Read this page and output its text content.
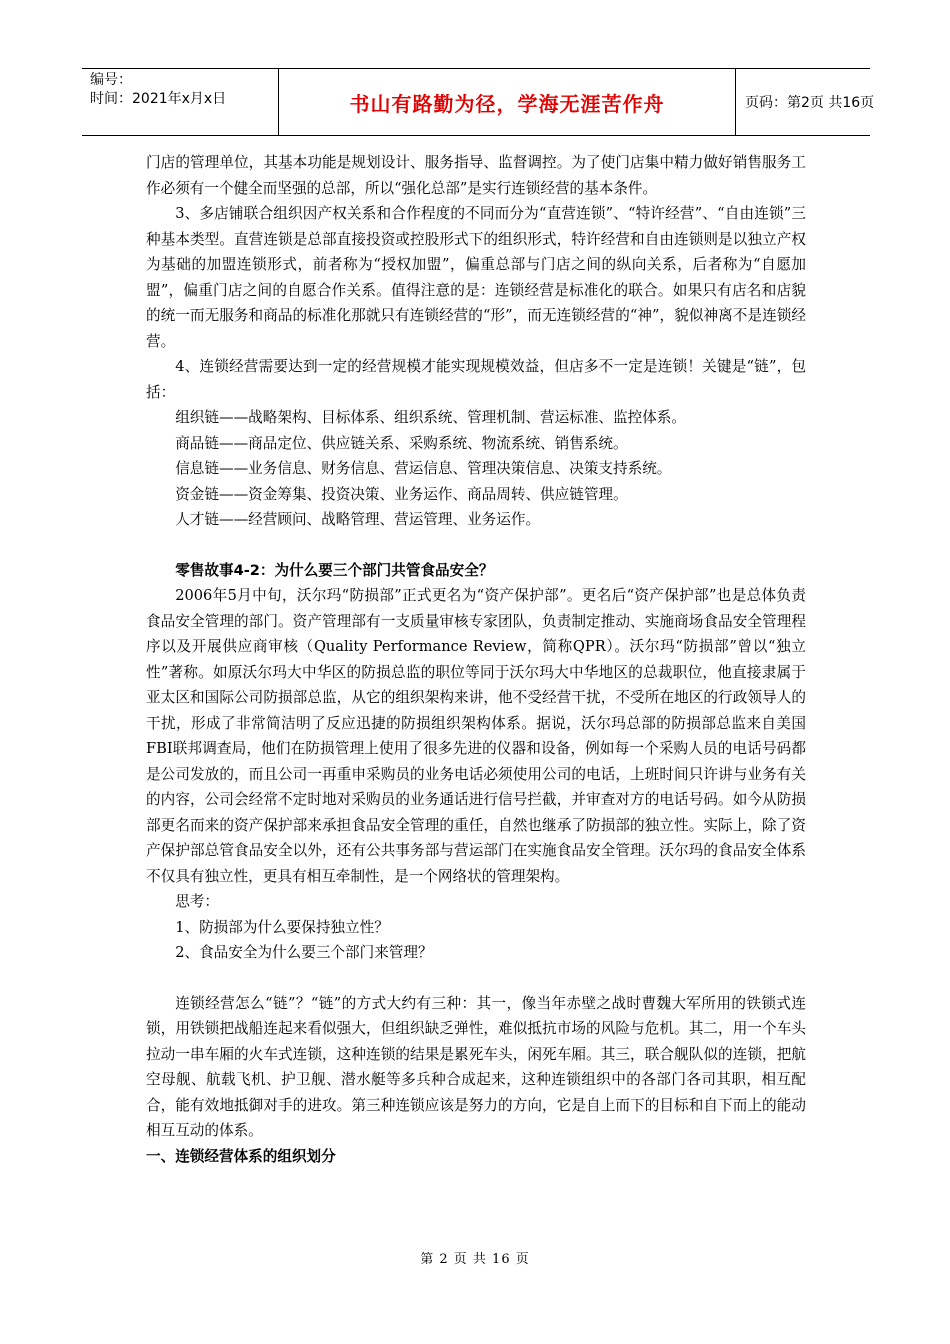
编号：
时间：2021年x月x日	书山有路勤为径，学海无涯苦作舟	页码：第2页 共16页

门店的管理单位，其基本功能是规划设计、服务指导、监督调控。为了使门店集中精力做好销售服务工作必须有一个健全而坚强的总部，所以“强化总部”是实行连锁经营的基本条件。

3、多店铺联合组织因产权关系和合作程度的不同而分为“直营连锁”、“特许经营”、“自由连锁”三种基本类型。直营连锁是总部直接投资或控股形式下的组织形式，特许经营和自由连锁则是以独立产权为基础的加盟连锁形式，前者称为“授权加盟”，偏重总部与门店之间的纵向关系，后者称为“自愿加盟”，偏重门店之间的自愿合作关系。值得注意的是：连锁经营是标准化的联合。如果只有店名和店貌的统一而无服务和商品的标准化那就只有连锁经营的“形”，而无连锁经营的“神”，貌似神离不是连锁经营。

4、连锁经营需要达到一定的经营规模才能实现规模效益，但店多不一定是连锁！关键是“链”，包括：

组织链——战略架构、目标体系、组织系统、管理机制、营运标准、监控体系。

商品链——商品定位、供应链关系、采购系统、物流系统、销售系统。

信息链——业务信息、财务信息、营运信息、管理决策信息、决策支持系统。

资金链——资金筹集、投资决策、业务运作、商品周转、供应链管理。

人才链——经营顾问、战略管理、营运管理、业务运作。

零售故事4-2：为什么要三个部门共管食品安全？

2006年5月中旬，沃尔玛“防损部”正式更名为“资产保护部”。更名后“资产保护部”也是总体负责食品安全管理的部门。资产管理部有一支质量审核专家团队，负责制定推动、实施商场食品安全管理程序以及开展供应商审核（Quality Performance Review，简称QPR）。沃尔玛“防损部”曾以“独立性”著称。如原沃尔玛大中华区的防损总监的职位等同于沃尔玛大中华地区的总裁职位，他直接隶属于亚太区和国际公司防损部总监，从它的组织架构来讲，他不受经营干扰，不受所在地区的行政领导人的干扰，形成了非常简洁明了反应迅捷的防损组织架构体系。据说，沃尔玛总部的防损部总监来自美国FBI联邦调查局，他们在防损管理上使用了很多先进的仪器和设备，例如每一个采购人员的电话号码都是公司发放的，而且公司一再重申采购员的业务电话必须使用公司的电话，上班时间只许讲与业务有关的内容，公司会经常不定时地对采购员的业务通话进行信号拦截，并审查对方的电话号码。如今从防损部更名而来的资产保护部来承担食品安全管理的重任，自然也继承了防损部的独立性。实际上，除了资产保护部总管食品安全以外，还有公共事务部与营运部门在实施食品安全管理。沃尔玛的食品安全体系不仅具有独立性，更具有相互牵制性，是一个网络状的管理架构。

思考：

1、防损部为什么要保持独立性？

2、食品安全为什么要三个部门来管理？

连锁经营怎么“链”？“链”的方式大约有三种：其一，像当年赤壁之战时曹魏大军所用的铁锁式连锁，用铁锁把战船连起来看似强大，但组织缺乏弹性，难似抵抗市场的风险与危机。其二，用一个车头拉动一串车厢的火车式连锁，这种连锁的结果是累死车头，闲死车厢。其三，联合舰队似的连锁，把航空母舰、航载飞机、护卫舰、潜水艇等多兵种合成起来，这种连锁组织中的各部门各司其职，相互配合，能有效地抵御对手的进攻。第三种连锁应该是努力的方向，它是自上而下的目标和自下而上的能动相互互动的体系。

一、连锁经营体系的组织划分

第 2 页 共 16 页
